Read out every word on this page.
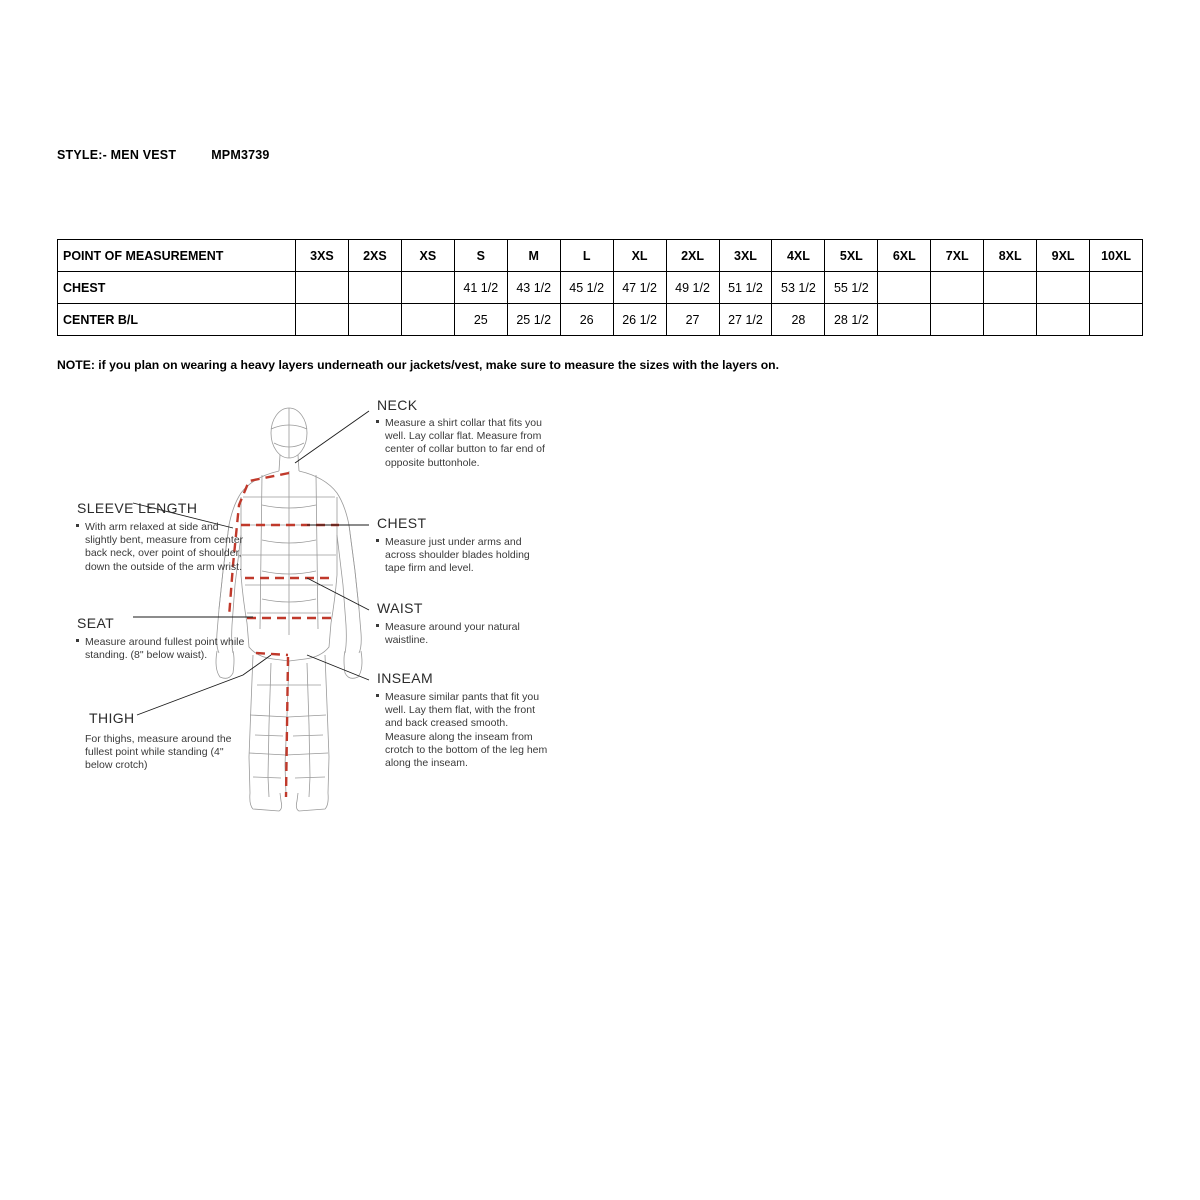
STYLE:- MEN VEST	MPM3739
POINT OF MEASUREMENT	3XS	2XS	XS	S	M	L	XL	2XL	3XL	4XL	5XL	6XL	7XL	8XL	9XL	10XL
CHEST				41 1/2	43 1/2	45 1/2	47 1/2	49 1/2	51 1/2	53 1/2	55 1/2					
CENTER B/L				25	25 1/2	26	26 1/2	27	27 1/2	28	28 1/2					
NOTE: if you plan on wearing a heavy layers underneath our jackets/vest, make sure to measure the sizes with the layers on.
NECK
Measure a shirt collar that fits you well. Lay collar flat. Measure from center of collar button to far end of opposite buttonhole.
SLEEVE LENGTH
With arm relaxed at side and slightly bent, measure from center back neck, over point of shoulder, down the outside of the arm wrist.
CHEST
Measure just under arms and across shoulder blades holding tape firm and level.
SEAT
Measure around fullest point while standing. (8" below waist).
WAIST
Measure around your natural waistline.
THIGH
For thighs, measure around the fullest point while standing (4" below crotch)
INSEAM
Measure similar pants that fit you well. Lay them flat, with the front and back creased smooth. Measure along the inseam from crotch to the bottom of the leg hem along the inseam.
